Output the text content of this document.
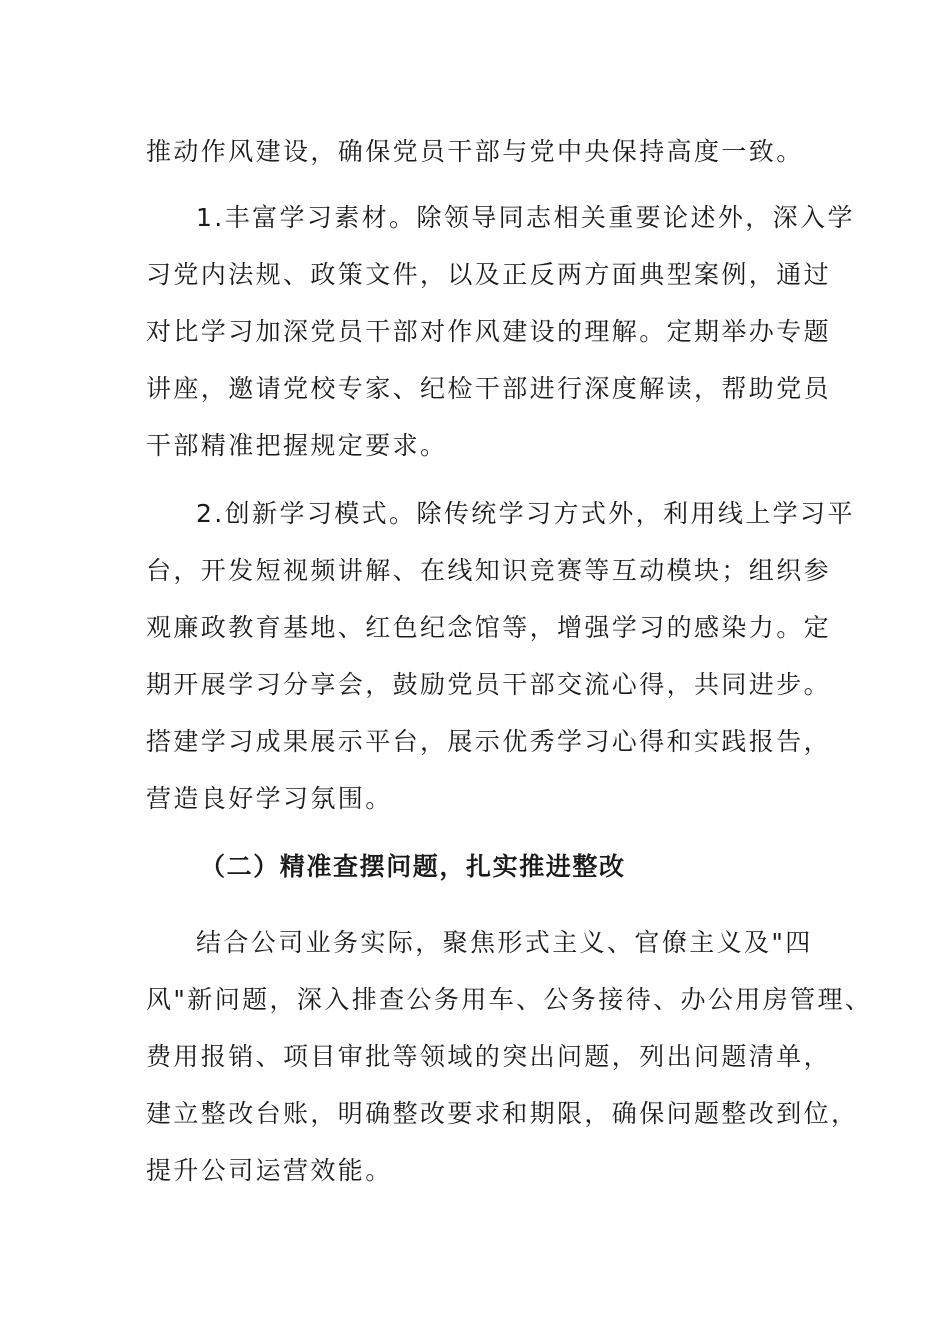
推动作风建设，确保党员干部与党中央保持高度一致。
1.丰富学习素材。除领导同志相关重要论述外，深入学
习党内法规、政策文件，以及正反两方面典型案例，通过
对比学习加深党员干部对作风建设的理解。定期举办专题
讲座，邀请党校专家、纪检干部进行深度解读，帮助党员
干部精准把握规定要求。
2.创新学习模式。除传统学习方式外，利用线上学习平
台，开发短视频讲解、在线知识竞赛等互动模块；组织参
观廉政教育基地、红色纪念馆等，增强学习的感染力。定
期开展学习分享会，鼓励党员干部交流心得，共同进步。
搭建学习成果展示平台，展示优秀学习心得和实践报告，
营造良好学习氛围。
（二）精准查摆问题，扎实推进整改
结合公司业务实际，聚焦形式主义、官僚主义及"四
风"新问题，深入排查公务用车、公务接待、办公用房管理、
费用报销、项目审批等领域的突出问题，列出问题清单，
建立整改台账，明确整改要求和期限，确保问题整改到位，
提升公司运营效能。
